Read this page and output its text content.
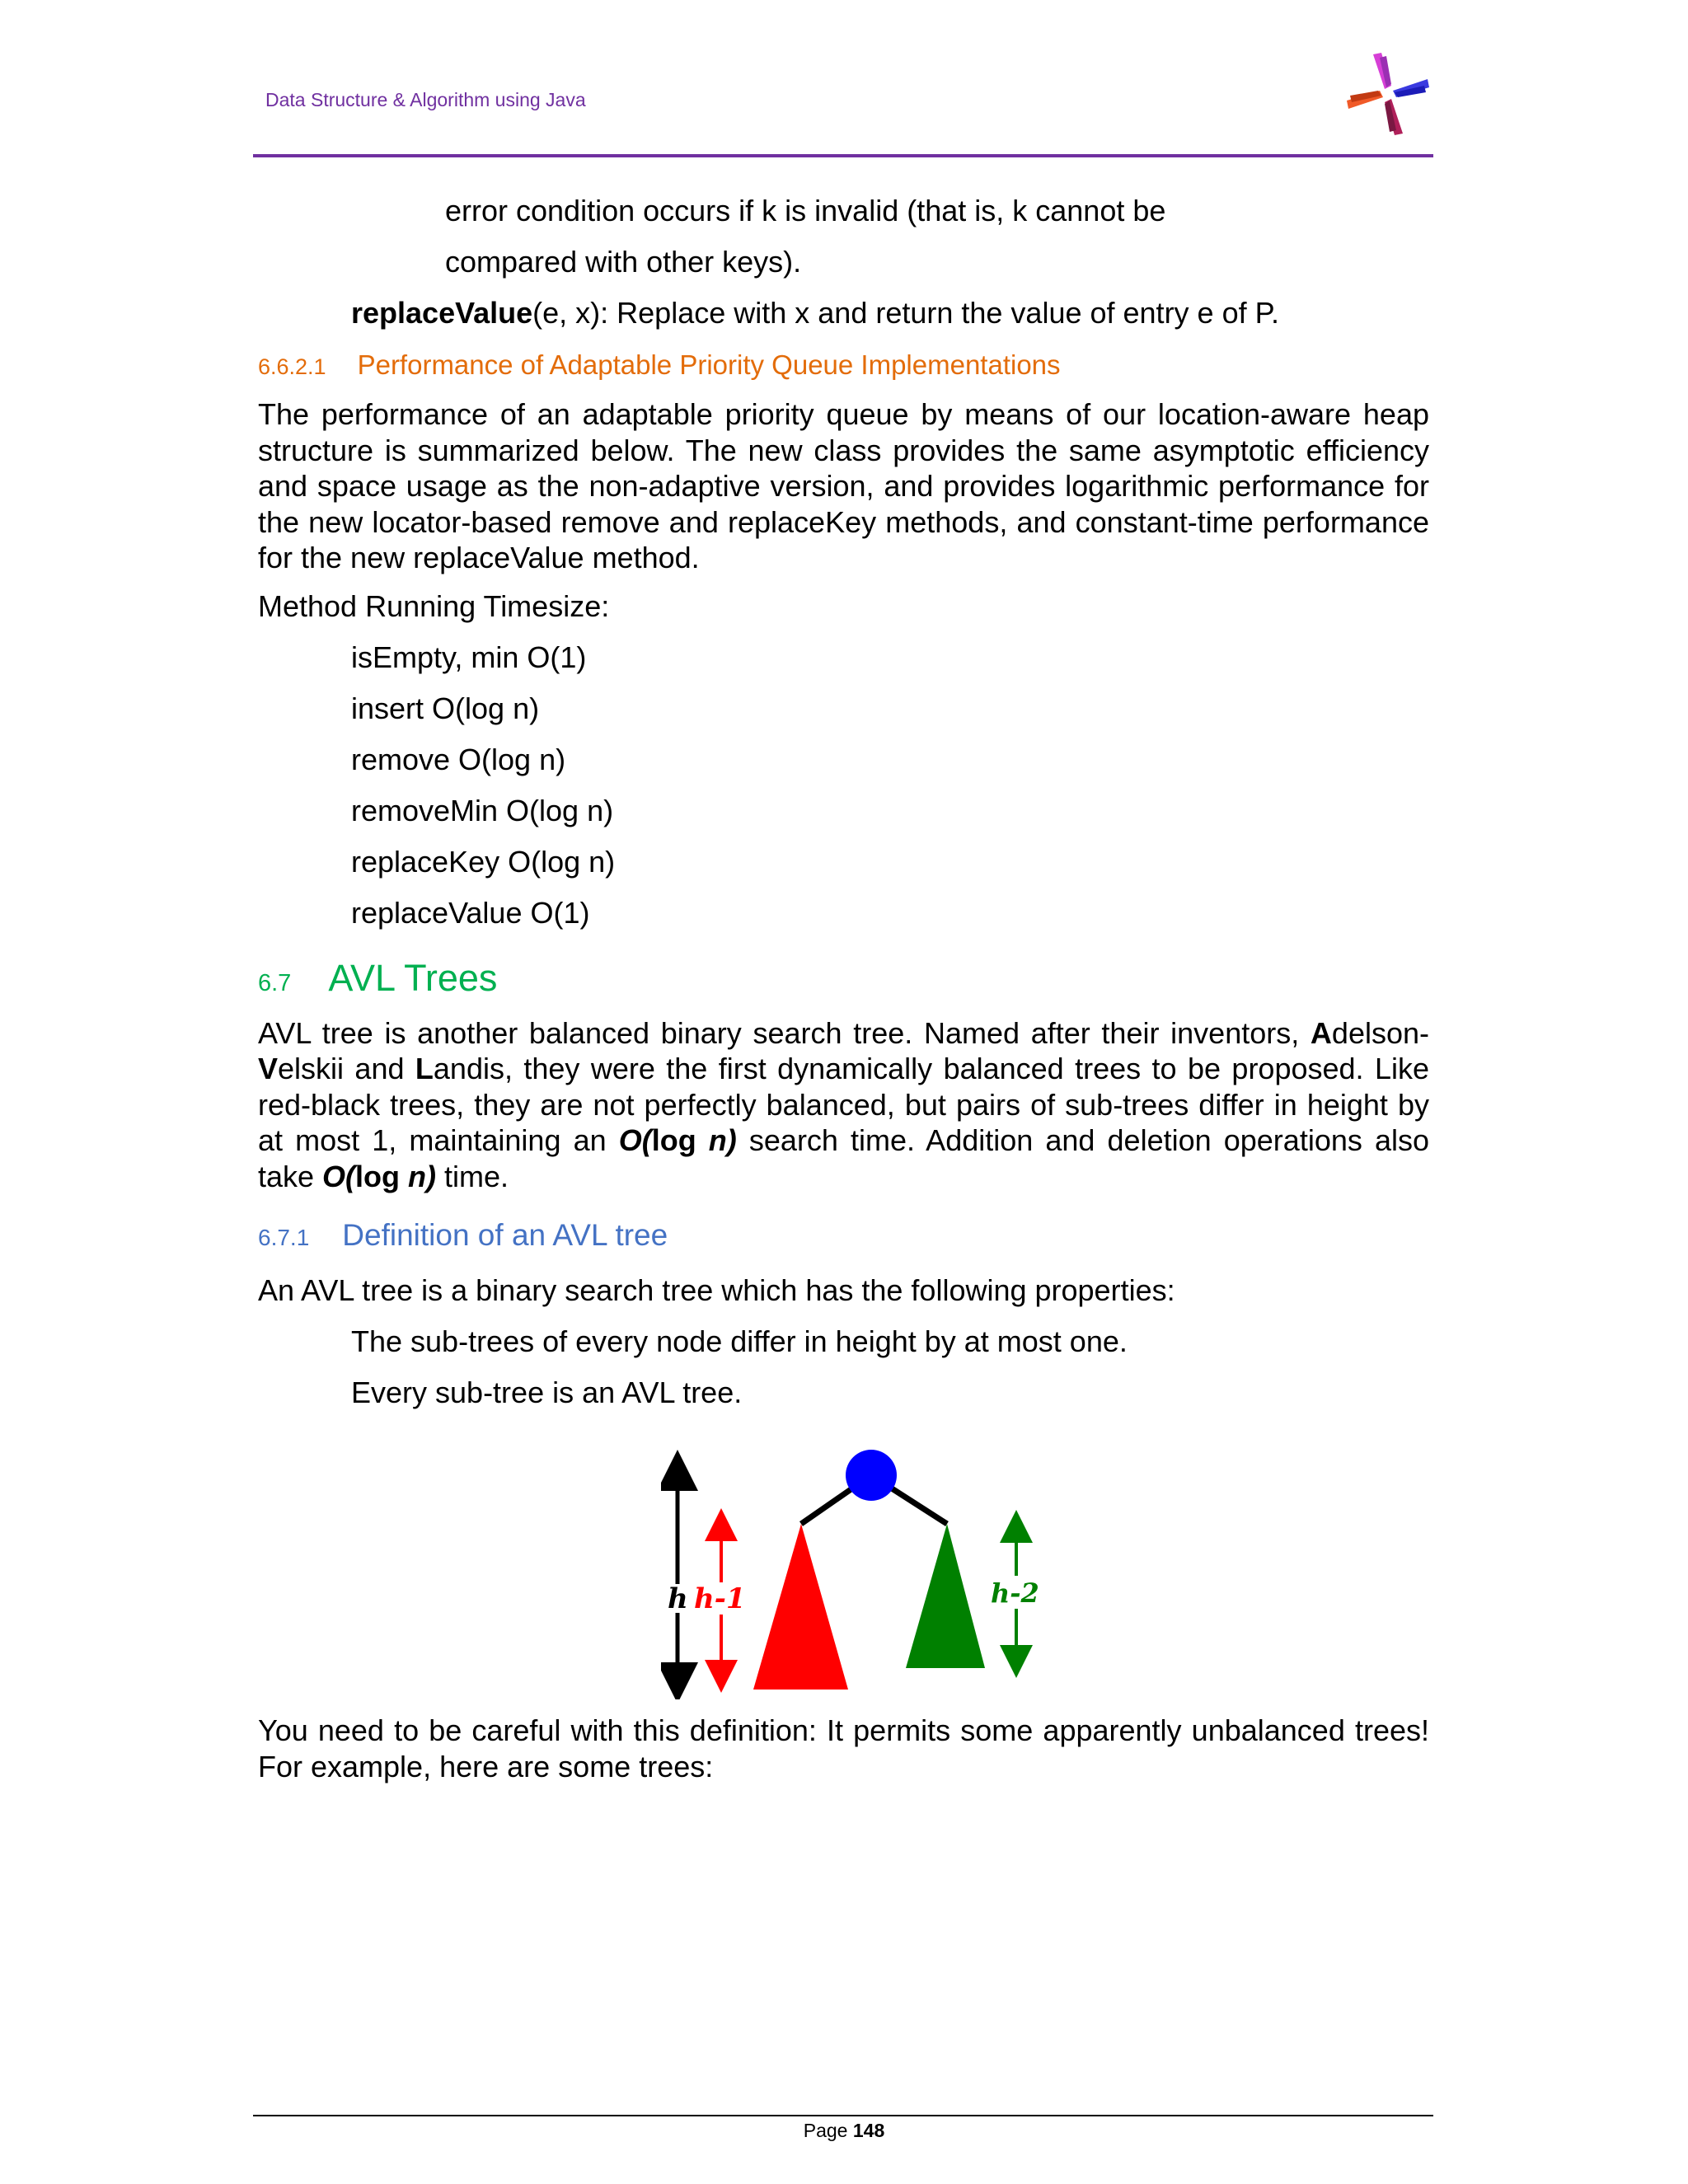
Data Structure & Algorithm using Java
error condition occurs if k is invalid (that is, k cannot be
compared with other keys).
replaceValue(e, x): Replace with x and return the value of entry e of P.
6.6.2.1 Performance of Adaptable Priority Queue Implementations

The performance of an adaptable priority queue by means of our location-aware heap structure is summarized below. The new class provides the same asymptotic efficiency and space usage as the non-adaptive version, and provides logarithmic performance for the new locator-based remove and replaceKey methods, and constant-time performance for the new replaceValue method.

Method Running Timesize:
isEmpty, min O(1)
insert O(log n)
remove O(log n)
removeMin O(log n)
replaceKey O(log n)
replaceValue O(1)
6.7 AVL Trees

AVL tree is another balanced binary search tree. Named after their inventors, Adelson- Velskii and Landis, they were the first dynamically balanced trees to be proposed. Like red-black trees, they are not perfectly balanced, but pairs of sub-trees differ in height by at most 1, maintaining an O(log n) search time. Addition and deletion operations also take O(log n) time.

6.7.1 Definition of an AVL tree
An AVL tree is a binary search tree which has the following properties:
The sub-trees of every node differ in height by at most one.
Every sub-tree is an AVL tree.

You need to be careful with this definition: It permits some apparently unbalanced trees! For example, here are some trees:

h h-1	h-2
Page 148
